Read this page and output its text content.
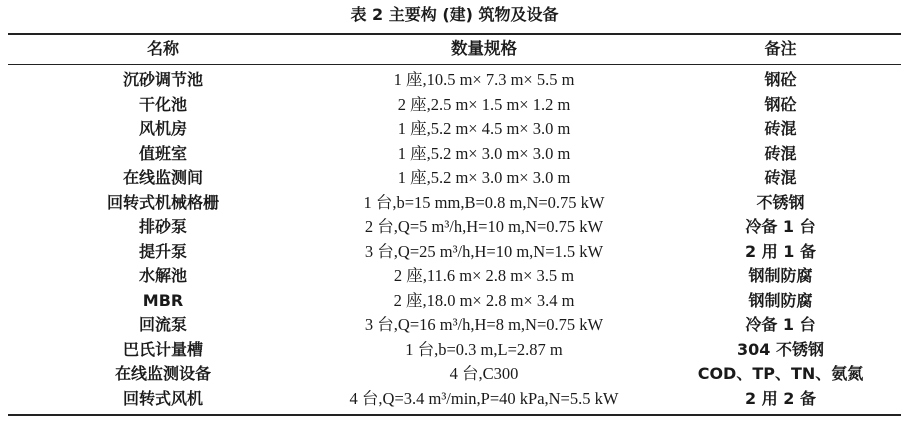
表 2 主要构 (建) 筑物及设备
名称	数量规格	备注
沉砂调节池	1 座,10.5 m× 7.3 m× 5.5 m	钢砼
干化池	2 座,2.5 m× 1.5 m× 1.2 m	钢砼
风机房	1 座,5.2 m× 4.5 m× 3.0 m	砖混
值班室	1 座,5.2 m× 3.0 m× 3.0 m	砖混
在线监测间	1 座,5.2 m× 3.0 m× 3.0 m	砖混
回转式机械格栅	1 台,b=15 mm,B=0.8 m,N=0.75 kW	不锈钢
排砂泵	2 台,Q=5 m³/h,H=10 m,N=0.75 kW	冷备 1 台
提升泵	3 台,Q=25 m³/h,H=10 m,N=1.5 kW	2 用 1 备
水解池	2 座,11.6 m× 2.8 m× 3.5 m	钢制防腐
MBR	2 座,18.0 m× 2.8 m× 3.4 m	钢制防腐
回流泵	3 台,Q=16 m³/h,H=8 m,N=0.75 kW	冷备 1 台
巴氏计量槽	1 台,b=0.3 m,L=2.87 m	304 不锈钢
在线监测设备	4 台,C300	COD、TP、TN、氨氮
回转式风机	4 台,Q=3.4 m³/min,P=40 kPa,N=5.5 kW	2 用 2 备
